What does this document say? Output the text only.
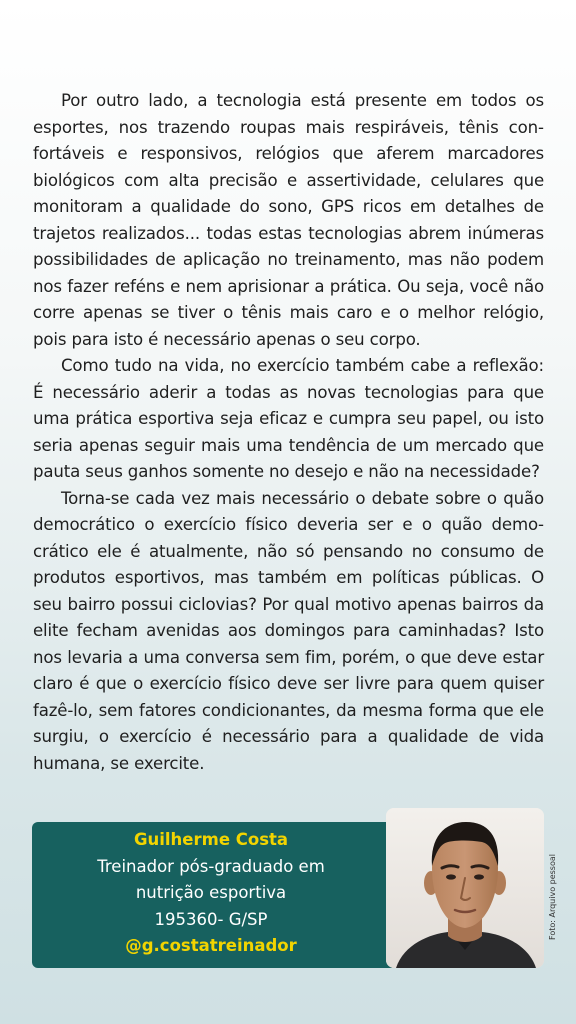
Por outro lado, a tecnologia está presente em todos os esportes, nos trazendo roupas mais respiráveis, tênis confortáveis e responsivos, relógios que aferem marcadores biológicos com alta precisão e assertividade, celulares que monitoram a qualidade do sono, GPS ricos em detalhes de trajetos realizados... todas estas tecnologias abrem inúmeras possibilidades de aplicação no treinamento, mas não podem nos fazer reféns e nem aprisionar a prática. Ou seja, você não corre apenas se tiver o tênis mais caro e o melhor relógio, pois para isto é necessário apenas o seu corpo.

Como tudo na vida, no exercício também cabe a reflexão: É necessário aderir a todas as novas tecnologias para que uma prática esportiva seja eficaz e cumpra seu papel, ou isto seria apenas seguir mais uma tendência de um mercado que pauta seus ganhos somente no desejo e não na necessidade?

Torna-se cada vez mais necessário o debate sobre o quão democrático o exercício físico deveria ser e o quão democrático ele é atualmente, não só pensando no consumo de produtos esportivos, mas também em políticas públicas. O seu bairro possui ciclovias? Por qual motivo apenas bairros da elite fecham avenidas aos domingos para caminhadas? Isto nos levaria a uma conversa sem fim, porém, o que deve estar claro é que o exercício físico deve ser livre para quem quiser fazê-lo, sem fatores condicionantes, da mesma forma que ele surgiu, o exercício é necessário para a qualidade de vida humana, se exercite.

Guilherme Costa
Treinador pós-graduado em
nutrição esportiva
195360- G/SP
@g.costatreinador
Foto: Arquivo pessoal
